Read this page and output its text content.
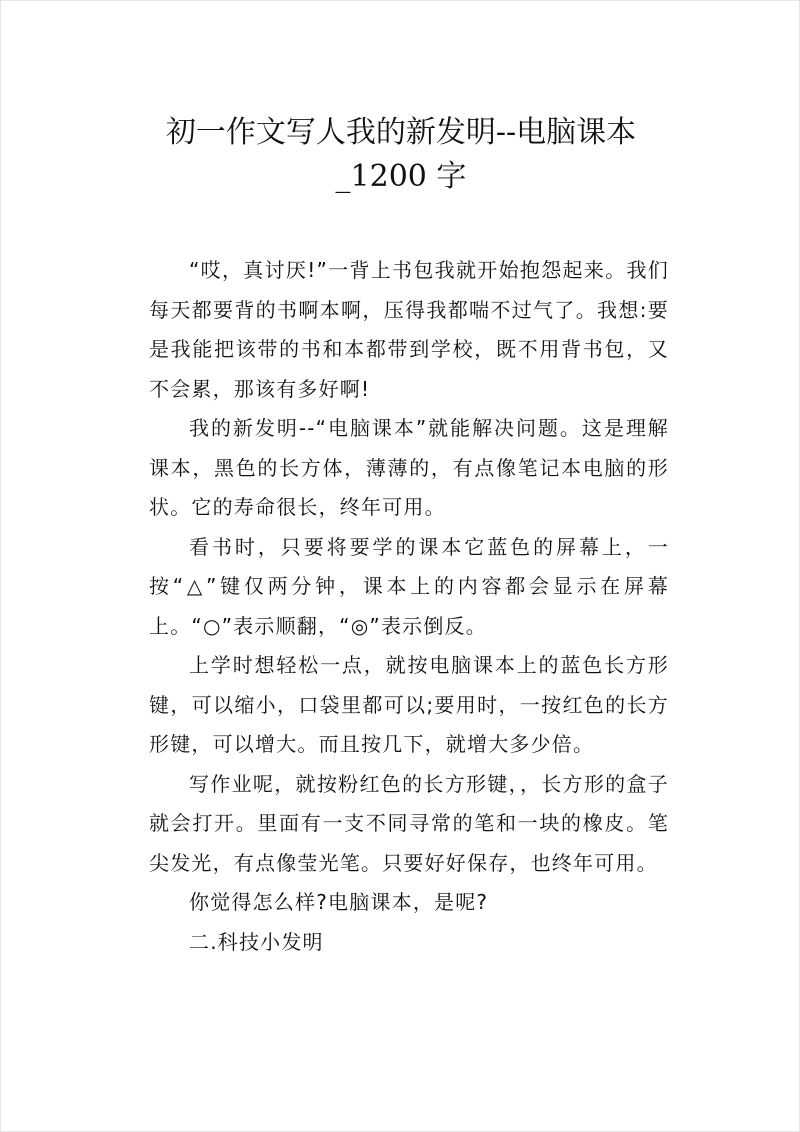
初一作文写人我的新发明--电脑课本
_1200 字

“哎，真讨厌!”一背上书包我就开始抱怨起来。我们每天都要背的书啊本啊，压得我都喘不过气了。我想:要是我能把该带的书和本都带到学校，既不用背书包，又不会累，那该有多好啊!

我的新发明--“电脑课本”就能解决问题。这是理解课本，黑色的长方体，薄薄的，有点像笔记本电脑的形状。它的寿命很长，终年可用。

看书时，只要将要学的课本它蓝色的屏幕上，一按“△”键仅两分钟，课本上的内容都会显示在屏幕上。“○”表示顺翻，“◎”表示倒反。

上学时想轻松一点，就按电脑课本上的蓝色长方形键，可以缩小，口袋里都可以;要用时，一按红色的长方形键，可以增大。而且按几下，就增大多少倍。

写作业呢，就按粉红色的长方形键，，长方形的盒子就会打开。里面有一支不同寻常的笔和一块的橡皮。笔尖发光，有点像莹光笔。只要好好保存，也终年可用。

你觉得怎么样?电脑课本，是呢?

二.科技小发明
